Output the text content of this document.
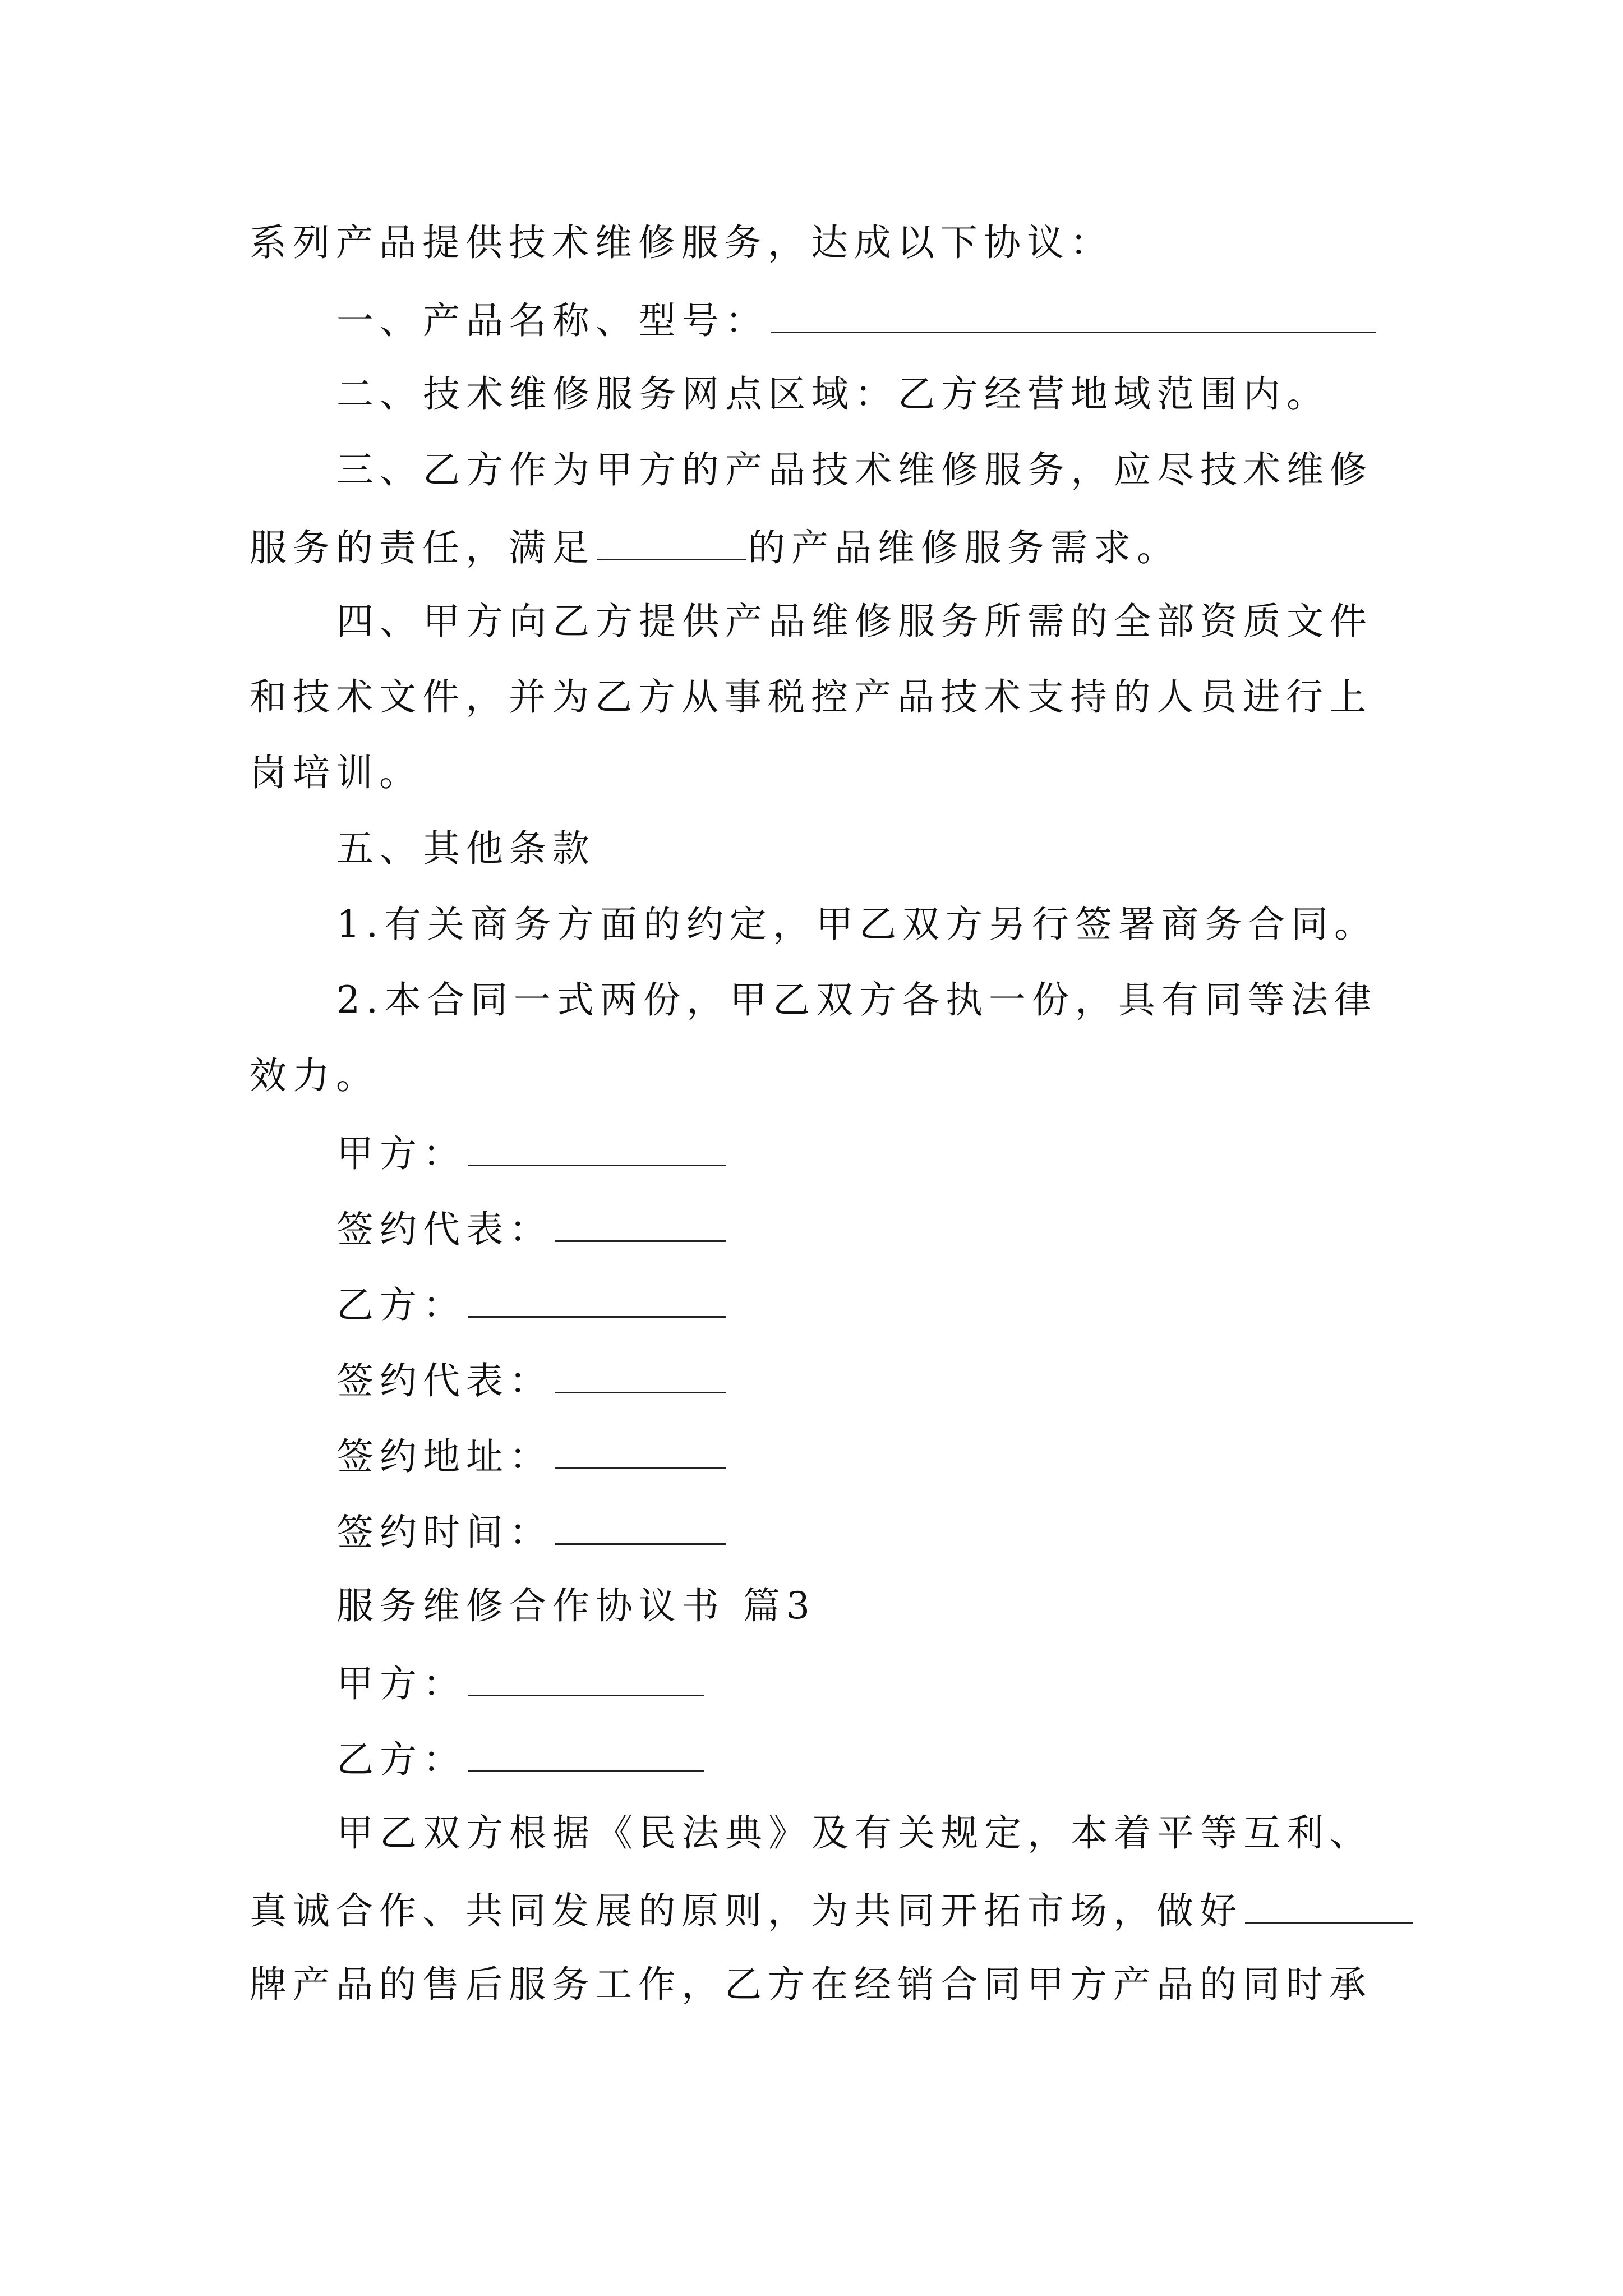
系列产品提供技术维修服务，达成以下协议：
一、产品名称、型号：
二、技术维修服务网点区域：乙方经营地域范围内。
三、乙方作为甲方的产品技术维修服务，应尽技术维修
服务的责任，满足	的产品维修服务需求。
四、甲方向乙方提供产品维修服务所需的全部资质文件
和技术文件，并为乙方从事税控产品技术支持的人员进行上
岗培训。
五、其他条款
1.有关商务方面的约定，甲乙双方另行签署商务合同。
2.本合同一式两份，甲乙双方各执一份，具有同等法律
效力。
甲方：
签约代表：
乙方：
签约代表：
签约地址：
签约时间：
服务维修合作协议书 篇3
甲方：
乙方：
甲乙双方根据《民法典》及有关规定，本着平等互利、
真诚合作、共同发展的原则，为共同开拓市场，做好
牌产品的售后服务工作，乙方在经销合同甲方产品的同时承
